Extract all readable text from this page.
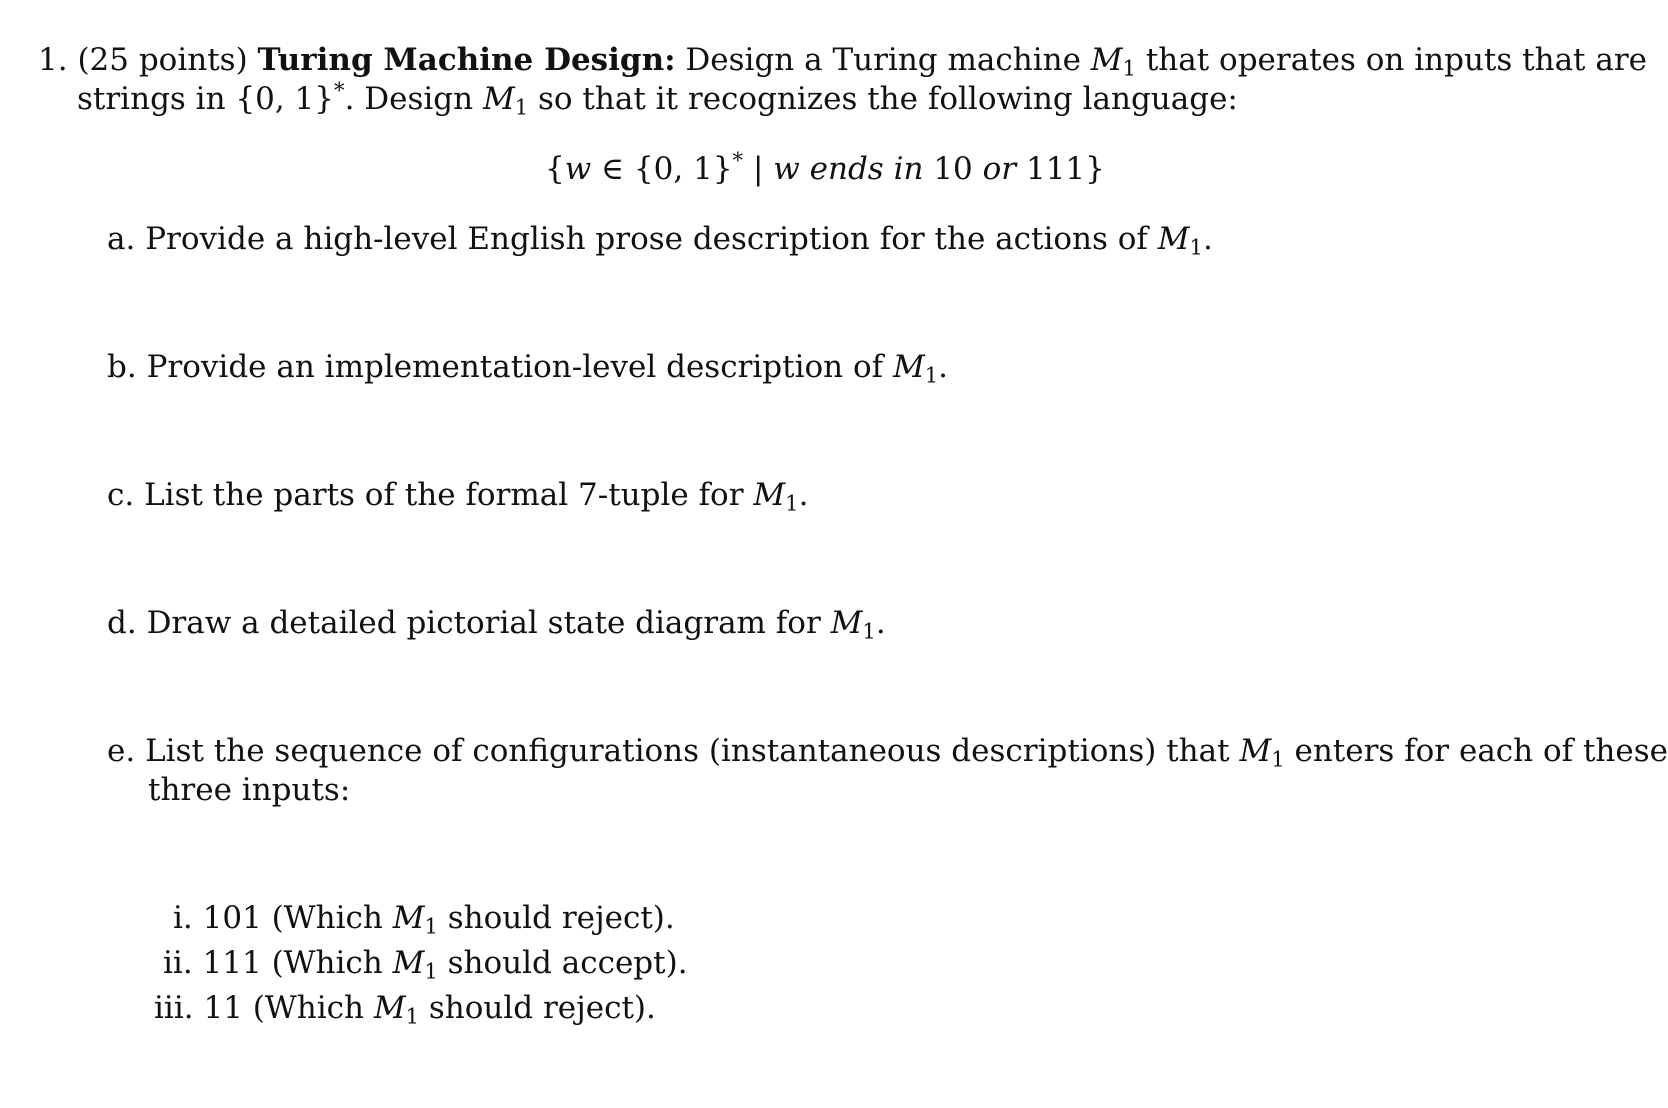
1. (25 points) Turing Machine Design: Design a Turing machine $M_1$ that operates on inputs that are
strings in {0, 1}*. Design $M_1$ so that it recognizes the following language:
{w ∈ {0, 1}* | w ends in 10 or 111}
a. Provide a high-level English prose description for the actions of $M_1$.
b. Provide an implementation-level description of $M_1$.
c. List the parts of the formal 7-tuple for $M_1$.
d. Draw a detailed pictorial state diagram for $M_1$.
e. List the sequence of configurations (instantaneous descriptions) that $M_1$ enters for each of these
three inputs:
i. 101 (Which $M_1$ should reject).
ii. 111 (Which $M_1$ should accept).
iii. 11 (Which $M_1$ should reject).
